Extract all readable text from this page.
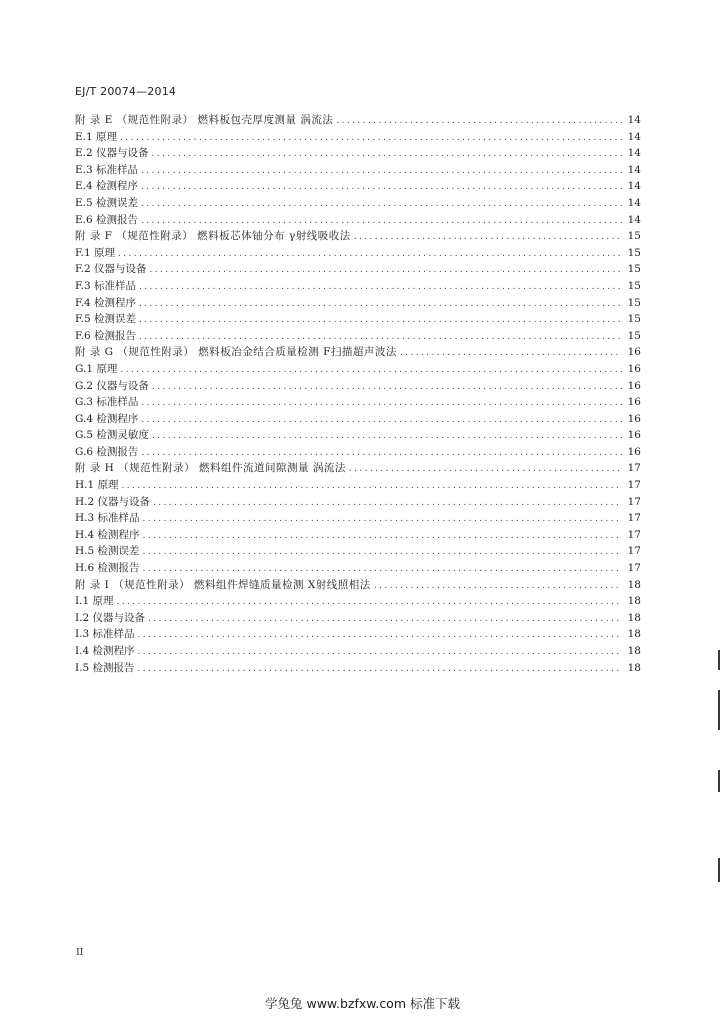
EJ/T 20074—2014
附 录 E （规范性附录） 燃料板包壳厚度测量 涡流法 .....	14
E.1 原理 .....	14
E.2 仪器与设备 .....	14
E.3 标准样品 .....	14
E.4 检测程序 .....	14
E.5 检测误差 .....	14
E.6 检测报告 .....	14
附 录 F （规范性附录） 燃料板芯体铀分布 γ射线吸收法 .....	15
F.1 原理 .....	15
F.2 仪器与设备 .....	15
F.3 标准样品 .....	15
F.4 检测程序 .....	15
F.5 检测误差 .....	15
F.6 检测报告 .....	15
附 录 G （规范性附录） 燃料板冶金结合质量检测 F扫描超声波法 .....	16
G.1 原理 .....	16
G.2 仪器与设备 .....	16
G.3 标准样品 .....	16
G.4 检测程序 .....	16
G.5 检测灵敏度 .....	16
G.6 检测报告 .....	16
附 录 H （规范性附录） 燃料组件流道间隙测量 涡流法 .....	17
H.1 原理 .....	17
H.2 仪器与设备 .....	17
H.3 标准样品 .....	17
H.4 检测程序 .....	17
H.5 检测误差 .....	17
H.6 检测报告 .....	17
附 录 I （规范性附录） 燃料组件焊缝质量检测 X射线照相法 .....	18
I.1 原理 .....	18
I.2 仪器与设备 .....	18
I.3 标准样品 .....	18
I.4 检测程序 .....	18
I.5 检测报告 .....	18
II
学兔兔 www.bzfxw.com 标准下载
